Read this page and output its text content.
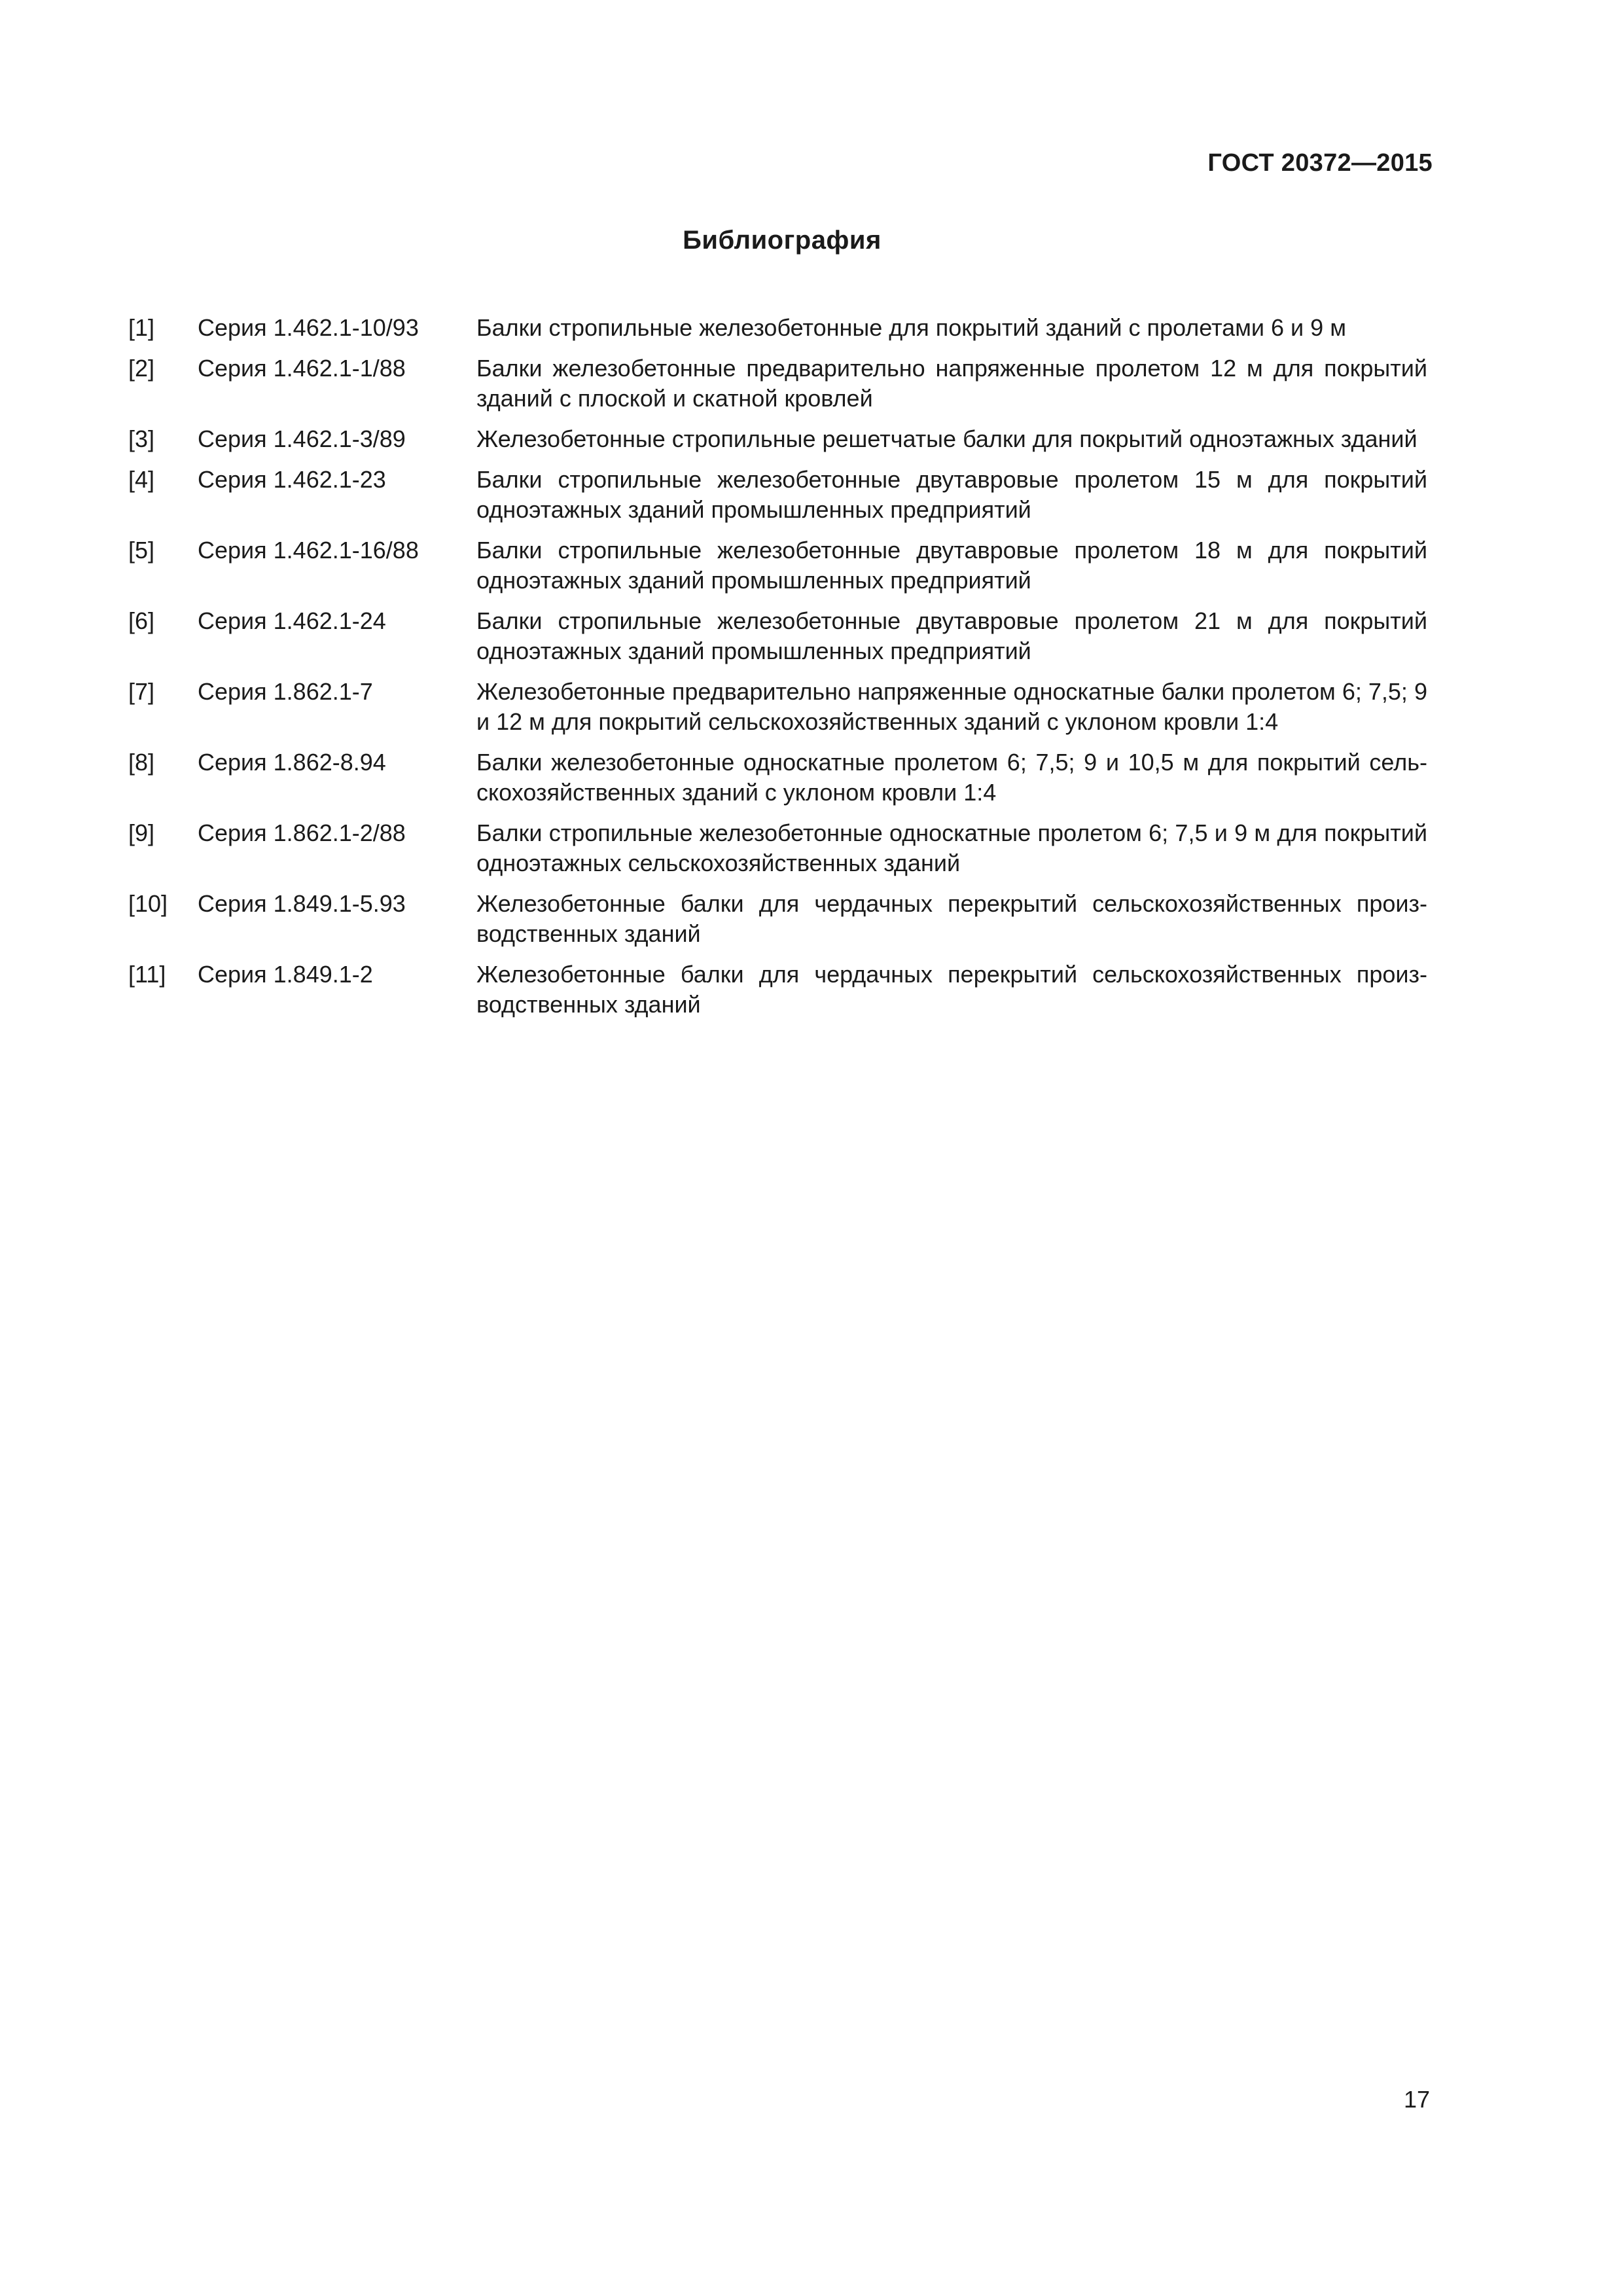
ГОСТ 20372—2015
Библиография
[1] Серия 1.462.1-10/93 Балки стропильные железобетонные для покрытий зданий с пролетами 6 и 9 м
[2] Серия 1.462.1-1/88	Балки железобетонные предварительно напряженные пролетом 12 м для покрытий зданий с плоской и скатной кровлей
[3] Серия 1.462.1-3/89	Железобетонные стропильные решетчатые балки для покрытий одноэтажных зданий
[4] Серия 1.462.1-23	Балки стропильные железобетонные двутавровые пролетом 15 м для покрытий одноэтажных зданий промышленных предприятий
[5] Серия 1.462.1-16/88 Балки стропильные железобетонные двутавровые пролетом 18 м для покрытий одноэтажных зданий промышленных предприятий
[6] Серия 1.462.1-24	Балки стропильные железобетонные двутавровые пролетом 21 м для покрытий одноэтажных зданий промышленных предприятий
[7] Серия 1.862.1-7	Железобетонные предварительно напряженные односкатные балки пролетом 6; 7,5; 9 и 12 м для покрытий сельскохозяйственных зданий с уклоном кровли 1:4
[8] Серия 1.862-8.94	Балки железобетонные односкатные пролетом 6; 7,5; 9 и 10,5 м для покрытий сельскохозяйственных зданий с уклоном кровли 1:4
[9] Серия 1.862.1-2/88	Балки стропильные железобетонные односкатные пролетом 6; 7,5 и 9 м для покрытий одноэтажных сельскохозяйственных зданий
[10] Серия 1.849.1-5.93	Железобетонные балки для чердачных перекрытий сельскохозяйственных производственных зданий
[11] Серия 1.849.1-2	Железобетонные балки для чердачных перекрытий сельскохозяйственных производственных зданий
17
